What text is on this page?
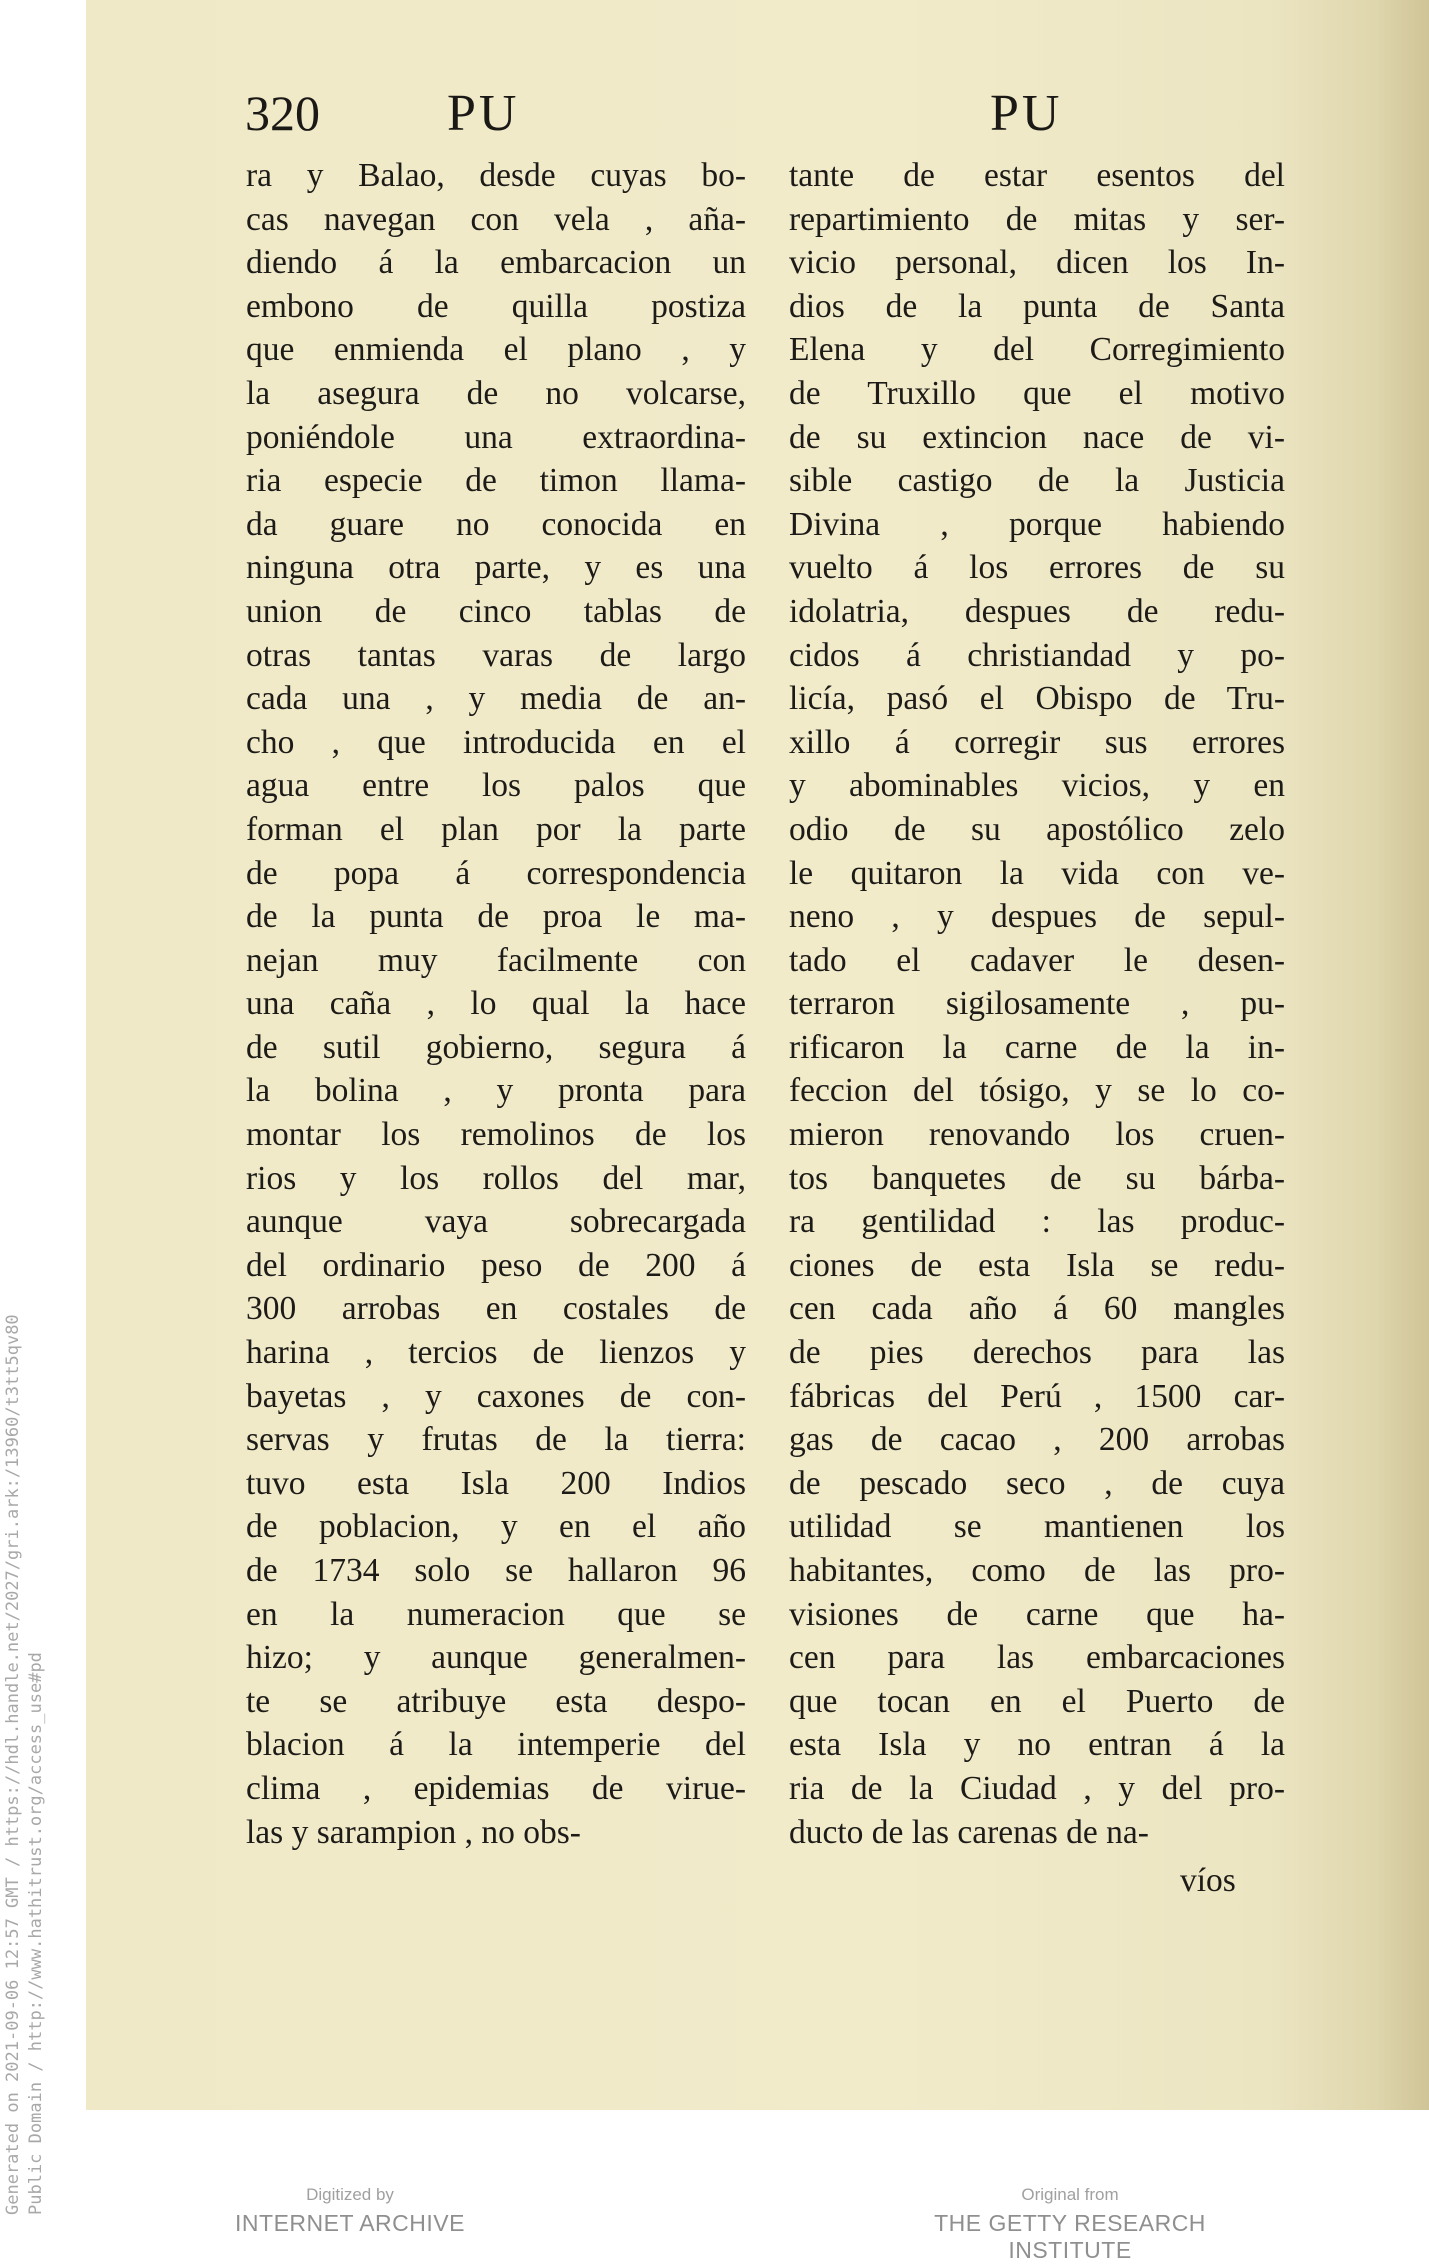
Generated on 2021-09-06 12:57 GMT / https://hdl.handle.net/2027/gri.ark:/13960/t3tt5qv80 Public Domain / http://www.hathitrust.org/access_use#pd
320 PU	PU
ra y Balao, desde cuyas bo-
cas navegan con vela , aña-
diendo á la embarcacion un
embono de quilla postiza
que enmienda el plano , y
la asegura de no volcarse,
poniéndole una extraordina-
ria especie de timon llama-
da guare no conocida en
ninguna otra parte, y es una
union de cinco tablas de
otras tantas varas de largo
cada una , y media de an-
cho , que introducida en el
agua entre los palos que
forman el plan por la parte
de popa á correspondencia
de la punta de proa le ma-
nejan muy facilmente con
una caña , lo qual la hace
de sutil gobierno, segura á
la bolina , y pronta para
montar los remolinos de los
rios y los rollos del mar,
aunque vaya sobrecargada
del ordinario peso de 200 á
300 arrobas en costales de
harina , tercios de lienzos y
bayetas , y caxones de con-
servas y frutas de la tierra:
tuvo esta Isla 200 Indios
de poblacion, y en el año
de 1734 solo se hallaron 96
en la numeracion que se
hizo; y aunque generalmen-
te se atribuye esta despo-
blacion á la intemperie del
clima , epidemias de virue-
las y sarampion , no obs-
tante de estar esentos del
repartimiento de mitas y ser-
vicio personal, dicen los In-
dios de la punta de Santa
Elena y del Corregimiento
de Truxillo que el motivo
de su extincion nace de vi-
sible castigo de la Justicia
Divina , porque habiendo
vuelto á los errores de su
idolatria, despues de redu-
cidos á christiandad y po-
licía, pasó el Obispo de Tru-
xillo á corregir sus errores
y abominables vicios, y en
odio de su apostólico zelo
le quitaron la vida con ve-
neno , y despues de sepul-
tado el cadaver le desen-
terraron sigilosamente , pu-
rificaron la carne de la in-
feccion del tósigo, y se lo co-
mieron renovando los cruen-
tos banquetes de su bárba-
ra gentilidad : las produc-
ciones de esta Isla se redu-
cen cada año á 60 mangles
de pies derechos para las
fábricas del Perú , 1500 car-
gas de cacao , 200 arrobas
de pescado seco , de cuya
utilidad se mantienen los
habitantes, como de las pro-
visiones de carne que ha-
cen para las embarcaciones
que tocan en el Puerto de
esta Isla y no entran á la
ria de la Ciudad , y del pro-
ducto de las carenas de na-
víos
Digitized by
INTERNET ARCHIVE
Original from
THE GETTY RESEARCH INSTITUTE
